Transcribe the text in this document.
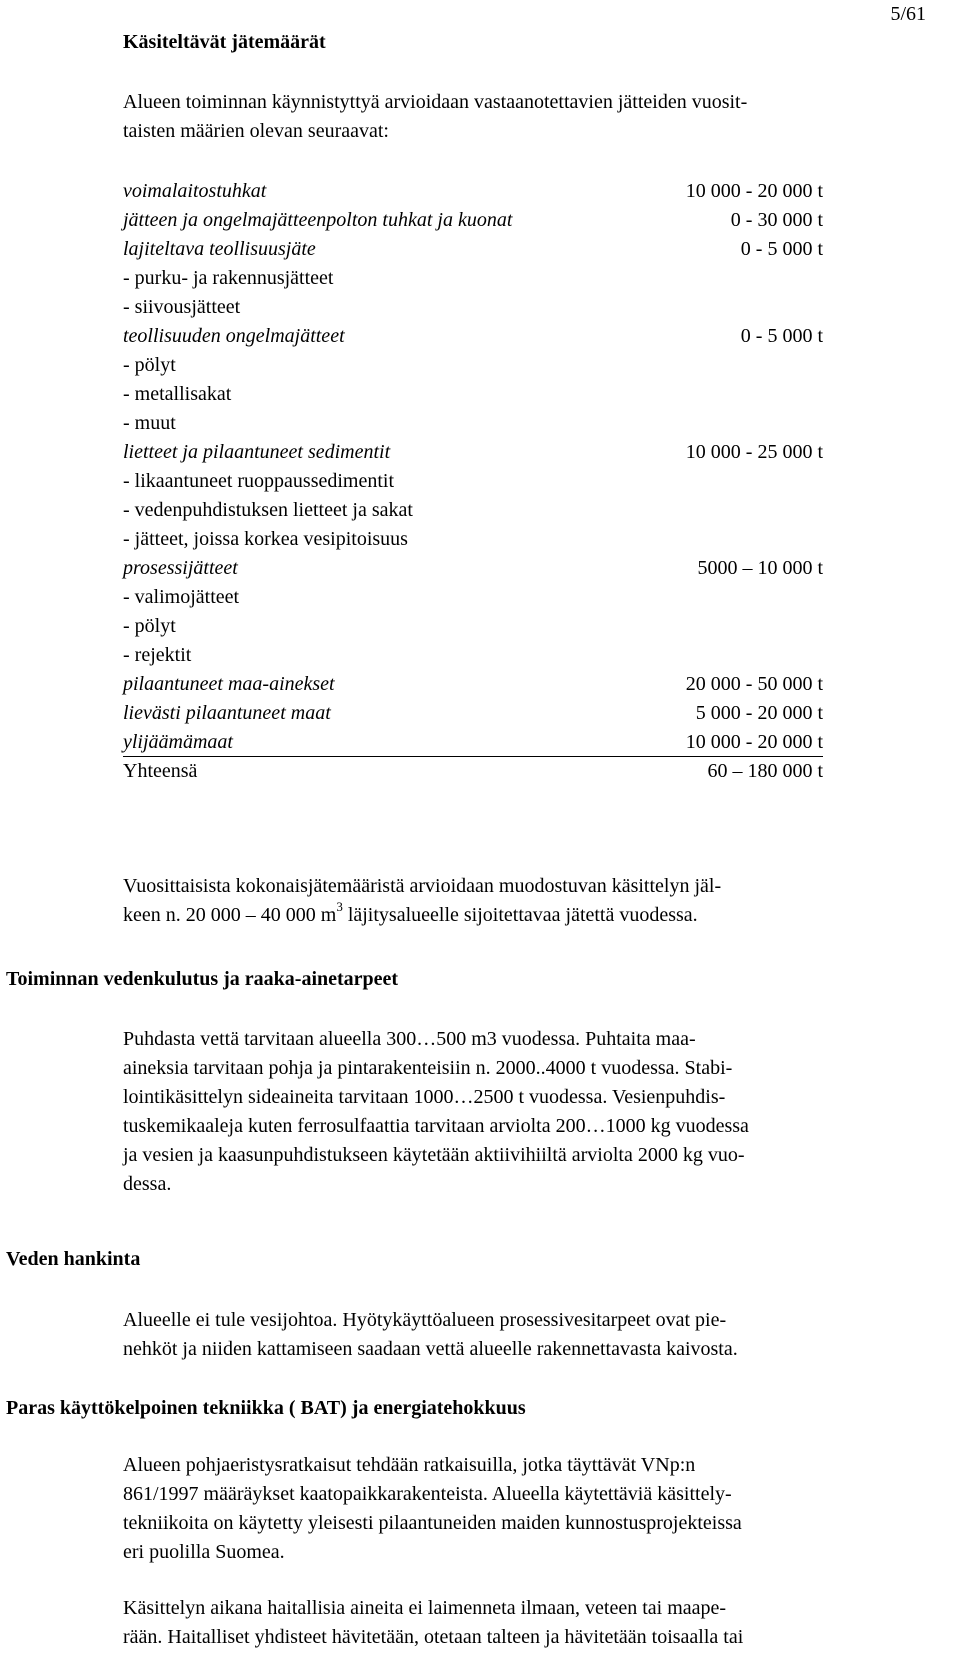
5/61
Käsiteltävät jätemäärät
Alueen toiminnan käynnistyttyä arvioidaan vastaanotettavien jätteiden vuosit-
taisten määrien olevan seuraavat:
voimalaitostuhkat	10 000 - 20 000 t
jätteen ja ongelmajätteenpolton tuhkat ja kuonat	0 - 30 000 t
lajiteltava teollisuusjäte	0 - 5 000 t
- purku- ja rakennusjätteet
- siivousjätteet
teollisuuden ongelmajätteet	0 - 5 000 t
- pölyt
- metallisakat
- muut
lietteet ja pilaantuneet sedimentit	10 000 - 25 000 t
- likaantuneet ruoppaussedimentit
- vedenpuhdistuksen lietteet ja sakat
- jätteet, joissa korkea vesipitoisuus
prosessijätteet	5000 – 10 000 t
- valimojätteet
- pölyt
- rejektit
pilaantuneet maa-ainekset	20 000 - 50 000 t
lievästi pilaantuneet maat	5 000 - 20 000 t
ylijäämämaat	10 000 - 20 000 t
Yhteensä	60 – 180 000 t
Vuosittaisista kokonaisjätemääristä arvioidaan muodostuvan käsittelyn jäl-
keen n. 20 000 – 40 000 $m^3$ läjitysalueelle sijoitettavaa jätettä vuodessa.
Toiminnan vedenkulutus ja raaka-ainetarpeet
Puhdasta vettä tarvitaan alueella 300…500 m3 vuodessa. Puhtaita maa-
aineksia tarvitaan pohja ja pintarakenteisiin n. 2000..4000 t vuodessa. Stabi-
lointikäsittelyn sideaineita tarvitaan 1000…2500 t vuodessa. Vesienpuhdis-
tuskemikaaleja kuten ferrosulfaattia tarvitaan arviolta 200…1000 kg vuodessa
ja vesien ja kaasunpuhdistukseen käytetään aktiivihiiltä arviolta 2000 kg vuo-
dessa.
Veden hankinta
Alueelle ei tule vesijohtoa. Hyötykäyttöalueen prosessivesitarpeet ovat pie-
nehköt ja niiden kattamiseen saadaan vettä alueelle rakennettavasta kaivosta.
Paras käyttökelpoinen tekniikka ( BAT) ja energiatehokkuus
Alueen pohjaeristysratkaisut tehdään ratkaisuilla, jotka täyttävät VNp:n
861/1997 määräykset kaatopaikkarakenteista. Alueella käytettäviä käsittely-
tekniikoita on käytetty yleisesti pilaantuneiden maiden kunnostusprojekteissa
eri puolilla Suomea.
Käsittelyn aikana haitallisia aineita ei laimenneta ilmaan, veteen tai maape-
rään. Haitalliset yhdisteet hävitetään, otetaan talteen ja hävitetään toisaalla tai
